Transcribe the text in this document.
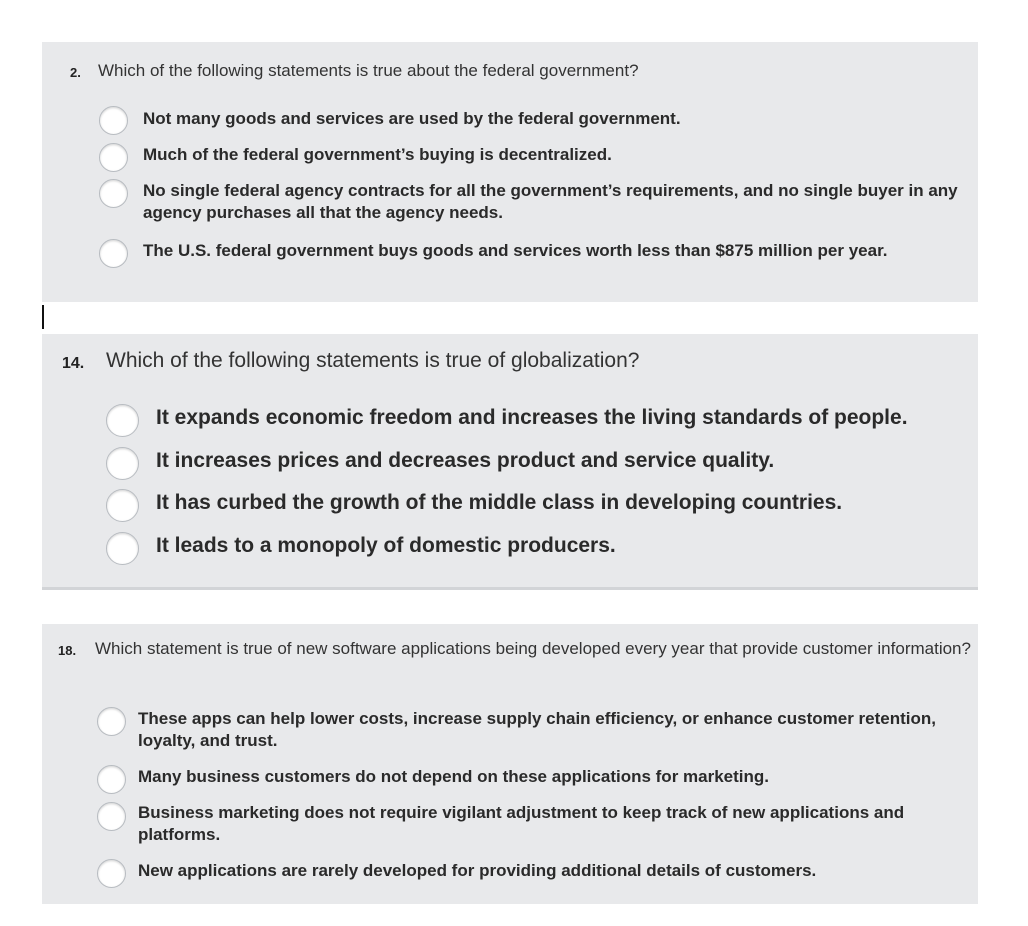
2.	Which of the following statements is true about the federal government?
Not many goods and services are used by the federal government.
Much of the federal government’s buying is decentralized.
No single federal agency contracts for all the government’s requirements, and no single buyer in any agency purchases all that the agency needs.
The U.S. federal government buys goods and services worth less than $875 million per year.
14.	Which of the following statements is true of globalization?
It expands economic freedom and increases the living standards of people.
It increases prices and decreases product and service quality.
It has curbed the growth of the middle class in developing countries.
It leads to a monopoly of domestic producers.
18.	Which statement is true of new software applications being developed every year that provide customer information?
These apps can help lower costs, increase supply chain efficiency, or enhance customer retention, loyalty, and trust.
Many business customers do not depend on these applications for marketing.
Business marketing does not require vigilant adjustment to keep track of new applications and platforms.
New applications are rarely developed for providing additional details of customers.
